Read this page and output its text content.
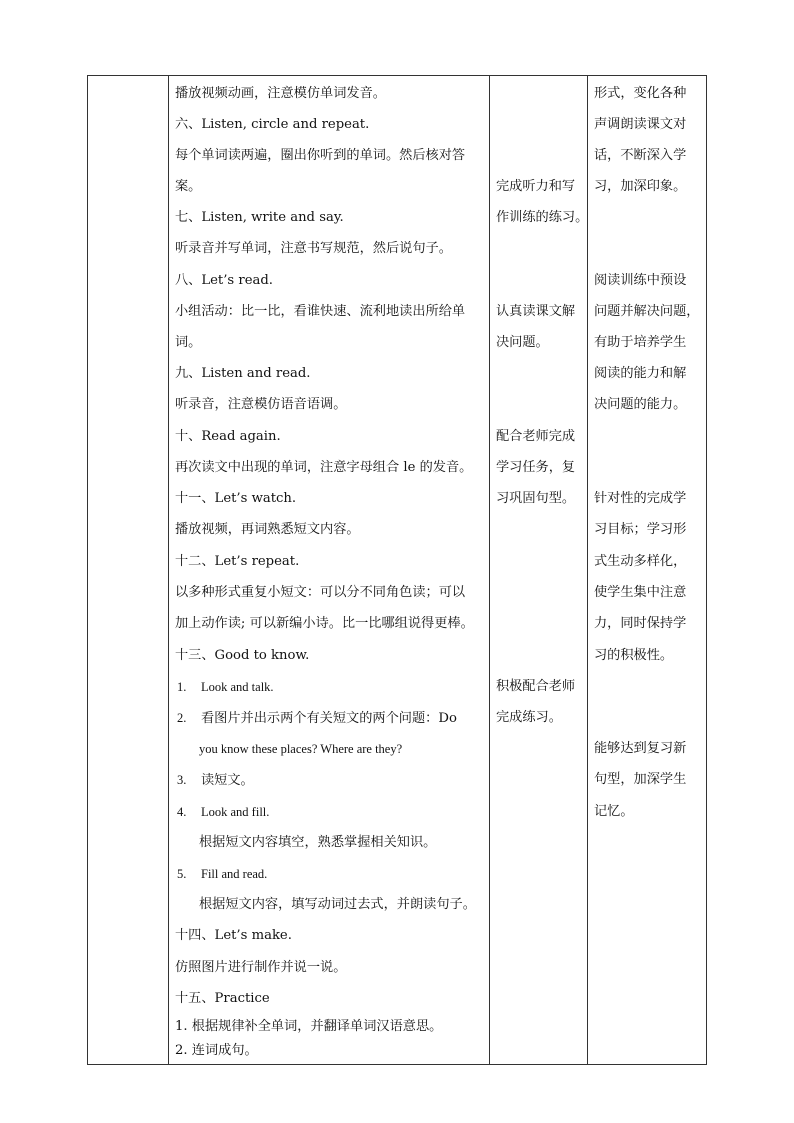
播放视频动画，注意模仿单词发音。
六、Listen, circle and repeat.
每个单词读两遍，圈出你听到的单词。然后核对答
案。
七、Listen, write and say.
听录音并写单词，注意书写规范，然后说句子。
八、Let’s read.
小组活动：比一比，看谁快速、流利地读出所给单
词。
九、Listen and read.
听录音，注意模仿语音语调。
十、Read again.
再次读文中出现的单词，注意字母组合 le 的发音。
十一、Let’s watch.
播放视频，再词熟悉短文内容。
十二、Let’s repeat.
以多种形式重复小短文：可以分不同角色读；可以
加上动作读; 可以新编小诗。比一比哪组说得更棒。
十三、Good to know.
1. Look and talk.
2. 看图片并出示两个有关短文的两个问题：Do
you know these places? Where are they?
3. 读短文。
4. Look and fill.
根据短文内容填空，熟悉掌握相关知识。
5. Fill and read.
根据短文内容，填写动词过去式，并朗读句子。
十四、Let’s make.
仿照图片进行制作并说一说。
十五、Practice
1. 根据规律补全单词，并翻译单词汉语意思。
2. 连词成句。
完成听力和写
作训练的练习。
认真读课文解
决问题。
配合老师完成
学习任务，复
习巩固句型。
积极配合老师
完成练习。
形式，变化各种
声调朗读课文对
话，不断深入学
习，加深印象。
阅读训练中预设
问题并解决问题，
有助于培养学生
阅读的能力和解
决问题的能力。
针对性的完成学
习目标；学习形
式生动多样化，
使学生集中注意
力，同时保持学
习的积极性。
能够达到复习新
句型，加深学生
记忆。
